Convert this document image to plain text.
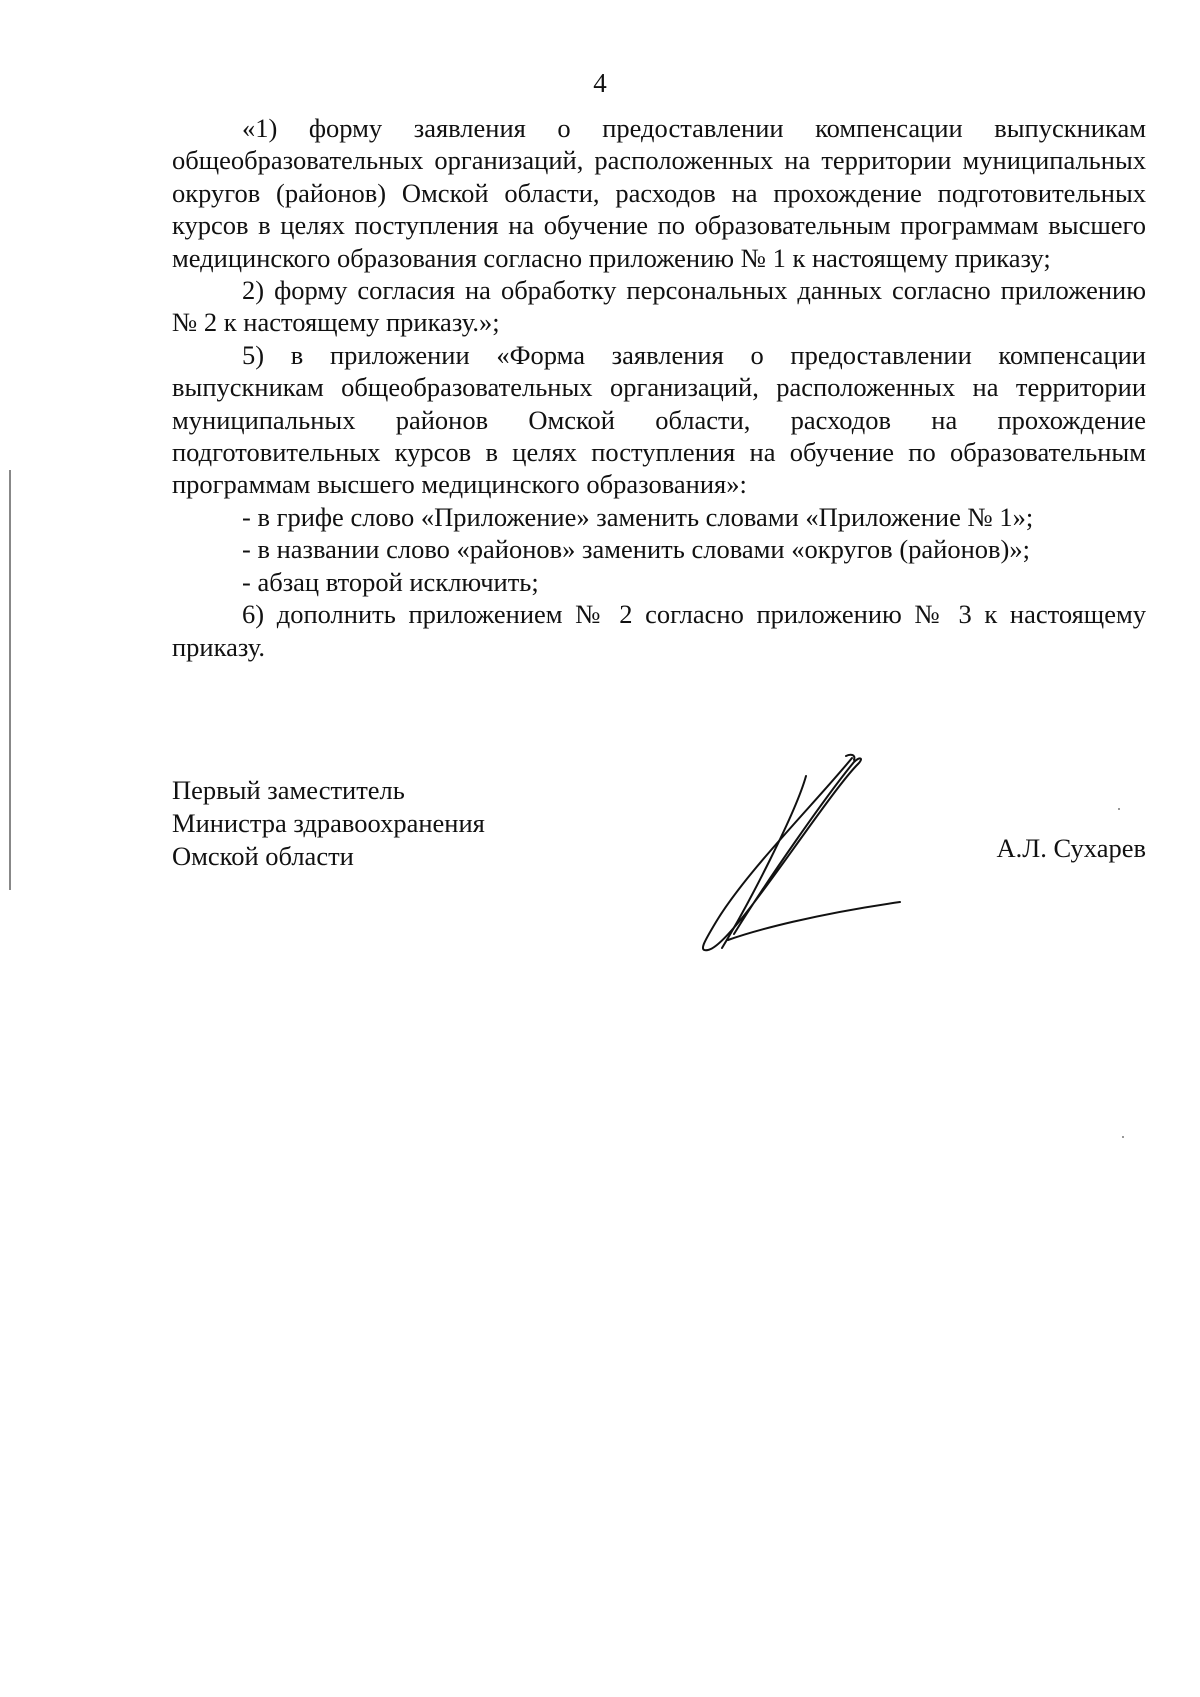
4

«1) форму заявления о предоставлении компенсации выпускникам общеобразовательных организаций, расположенных на территории муниципальных округов (районов) Омской области, расходов на прохождение подготовительных курсов в целях поступления на обучение по образовательным программам высшего медицинского образования согласно приложению № 1 к настоящему приказу;

2) форму согласия на обработку персональных данных согласно приложению № 2 к настоящему приказу.»;

5) в приложении «Форма заявления о предоставлении компенсации выпускникам общеобразовательных организаций, расположенных на территории муниципальных районов Омской области, расходов на прохождение подготовительных курсов в целях поступления на обучение по образовательным программам высшего медицинского образования»:

- в грифе слово «Приложение» заменить словами «Приложение № 1»;

- в названии слово «районов» заменить словами «округов (районов)»;

- абзац второй исключить;

6) дополнить приложением № 2 согласно приложению № 3 к настоящему приказу.

Первый заместитель
Министра здравоохранения
Омской области	А.Л. Сухарев
